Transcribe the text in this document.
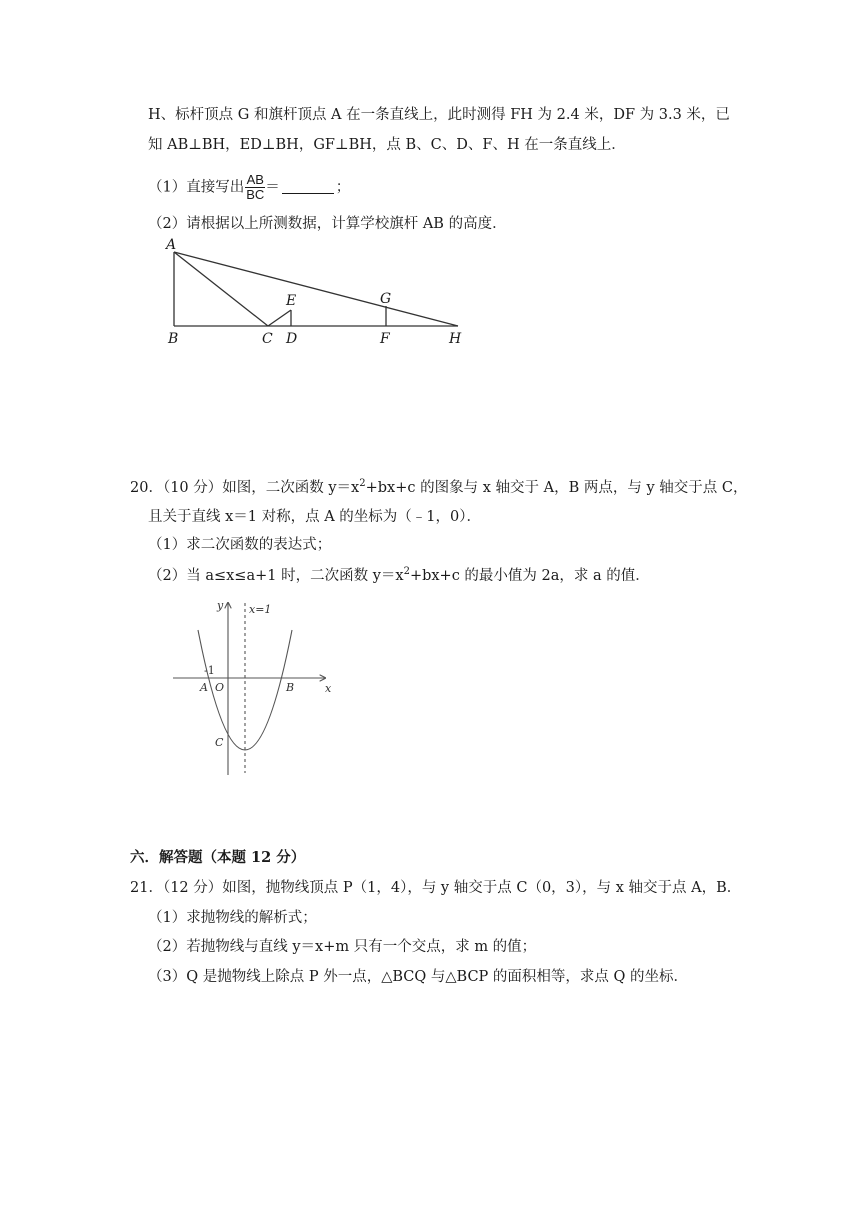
H、标杆顶点 G 和旗杆顶点 A 在一条直线上，此时测得 FH 为 2.4 米，DF 为 3.3 米，已
知 AB⊥BH，ED⊥BH，GF⊥BH，点 B、C、D、F、H 在一条直线上．
（1）直接写出 $\frac{AB}{BC}$ ＝	；
（2）请根据以上所测数据，计算学校旗杆 AB 的高度．
A
B	C D
E
F
G
H
20．（10 分）如图，二次函数 $y=x^2+bx+c$ 的图象与 x 轴交于 A，B 两点，与 y 轴交于点 C，
且关于直线 x＝1 对称，点 A 的坐标为（﹣1，0）．
（1）求二次函数的表达式；
（2）当 a≤x≤a+1 时，二次函数 $y=x^2+bx+c$ 的最小值为 2a，求 a 的值．
y x=1
-1
A O	B	x
C
六．解答题（本题 12 分）
21．（12 分）如图，抛物线顶点 P（1，4），与 y 轴交于点 C（0，3），与 x 轴交于点 A，B．
（1）求抛物线的解析式；
（2）若抛物线与直线 y＝x+m 只有一个交点，求 m 的值；
（3）Q 是抛物线上除点 P 外一点，△BCQ 与△BCP 的面积相等，求点 Q 的坐标．
